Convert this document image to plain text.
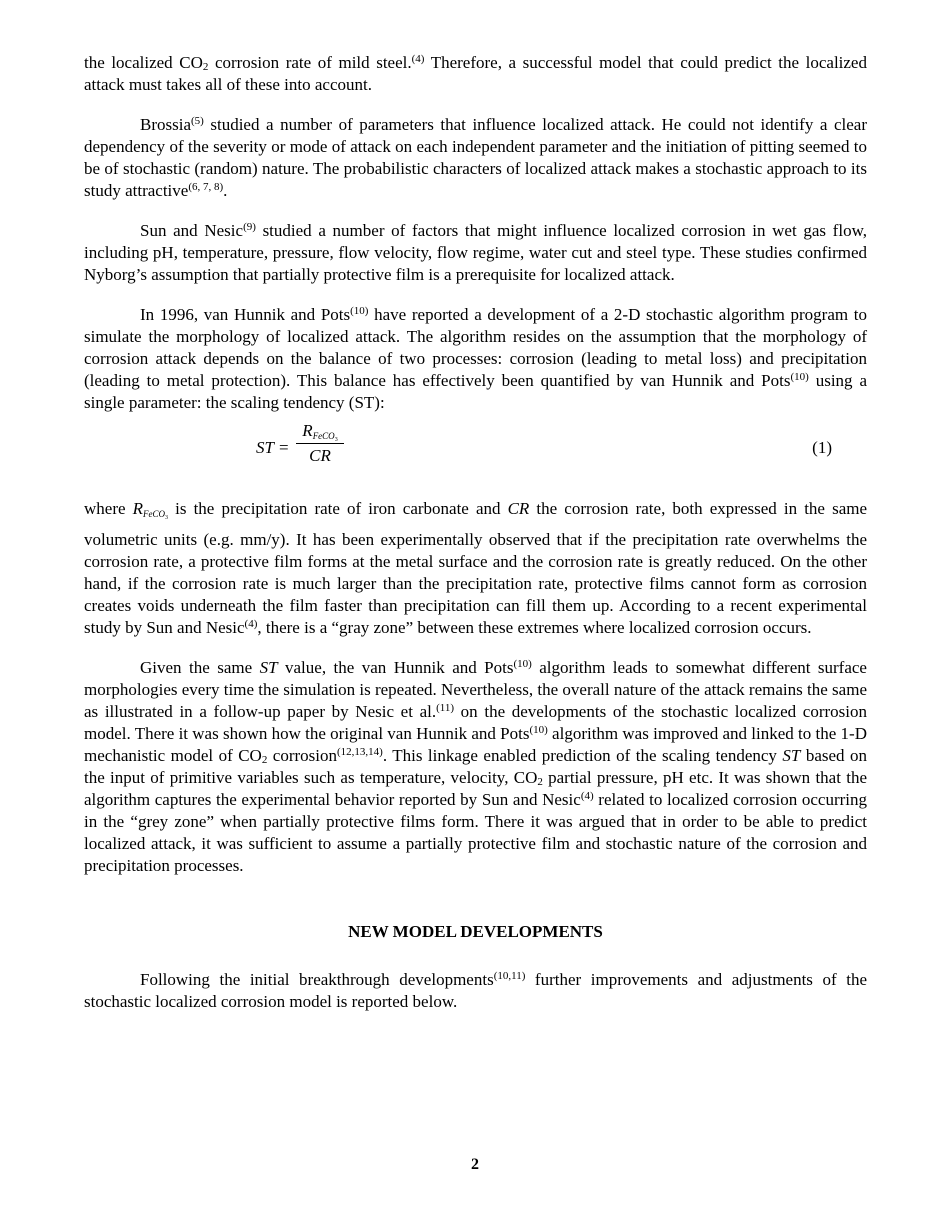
the localized $CO_2$ corrosion rate of mild steel.$^{(4)}$ Therefore, a successful model that could predict the localized attack must takes all of these into account.

Brossia$^{(5)}$ studied a number of parameters that influence localized attack. He could not identify a clear dependency of the severity or mode of attack on each independent parameter and the initiation of pitting seemed to be of stochastic (random) nature. The probabilistic characters of localized attack makes a stochastic approach to its study attractive$^{(6, 7, 8)}$.

Sun and Nesic$^{(9)}$ studied a number of factors that might influence localized corrosion in wet gas flow, including pH, temperature, pressure, flow velocity, flow regime, water cut and steel type. These studies confirmed Nyborg’s assumption that partially protective film is a prerequisite for localized attack.

In 1996, van Hunnik and Pots$^{(10)}$ have reported a development of a 2-D stochastic algorithm program to simulate the morphology of localized attack. The algorithm resides on the assumption that the morphology of corrosion attack depends on the balance of two processes: corrosion (leading to metal loss) and precipitation (leading to metal protection). This balance has effectively been quantified by van Hunnik and Pots$^{(10)}$ using a single parameter: the scaling tendency (ST):

ST =
RFeCO$_3$
CR	(1)

where RFeCO$_3$ is the precipitation rate of iron carbonate and CR the corrosion rate, both expressed in the same volumetric units (e.g. mm/y). It has been experimentally observed that if the precipitation rate overwhelms the corrosion rate, a protective film forms at the metal surface and the corrosion rate is greatly reduced. On the other hand, if the corrosion rate is much larger than the precipitation rate, protective films cannot form as corrosion creates voids underneath the film faster than precipitation can fill them up. According to a recent experimental study by Sun and Nesic$^{(4)}$, there is a “gray zone” between these extremes where localized corrosion occurs.

Given the same ST value, the van Hunnik and Pots$^{(10)}$ algorithm leads to somewhat different surface morphologies every time the simulation is repeated. Nevertheless, the overall nature of the attack remains the same as illustrated in a follow-up paper by Nesic et al.$^{(11)}$ on the developments of the stochastic localized corrosion model. There it was shown how the original van Hunnik and Pots$^{(10)}$ algorithm was improved and linked to the 1-D mechanistic model of $CO_2$ corrosion$^{(12,13,14)}$. This linkage enabled prediction of the scaling tendency ST based on the input of primitive variables such as temperature, velocity, $CO_2$ partial pressure, pH etc. It was shown that the algorithm captures the experimental behavior reported by Sun and Nesic$^{(4)}$ related to localized corrosion occurring in the “grey zone” when partially protective films form. There it was argued that in order to be able to predict localized attack, it was sufficient to assume a partially protective film and stochastic nature of the corrosion and precipitation processes.

NEW MODEL DEVELOPMENTS

Following the initial breakthrough developments$^{(10,11)}$ further improvements and adjustments of the stochastic localized corrosion model is reported below.

2
